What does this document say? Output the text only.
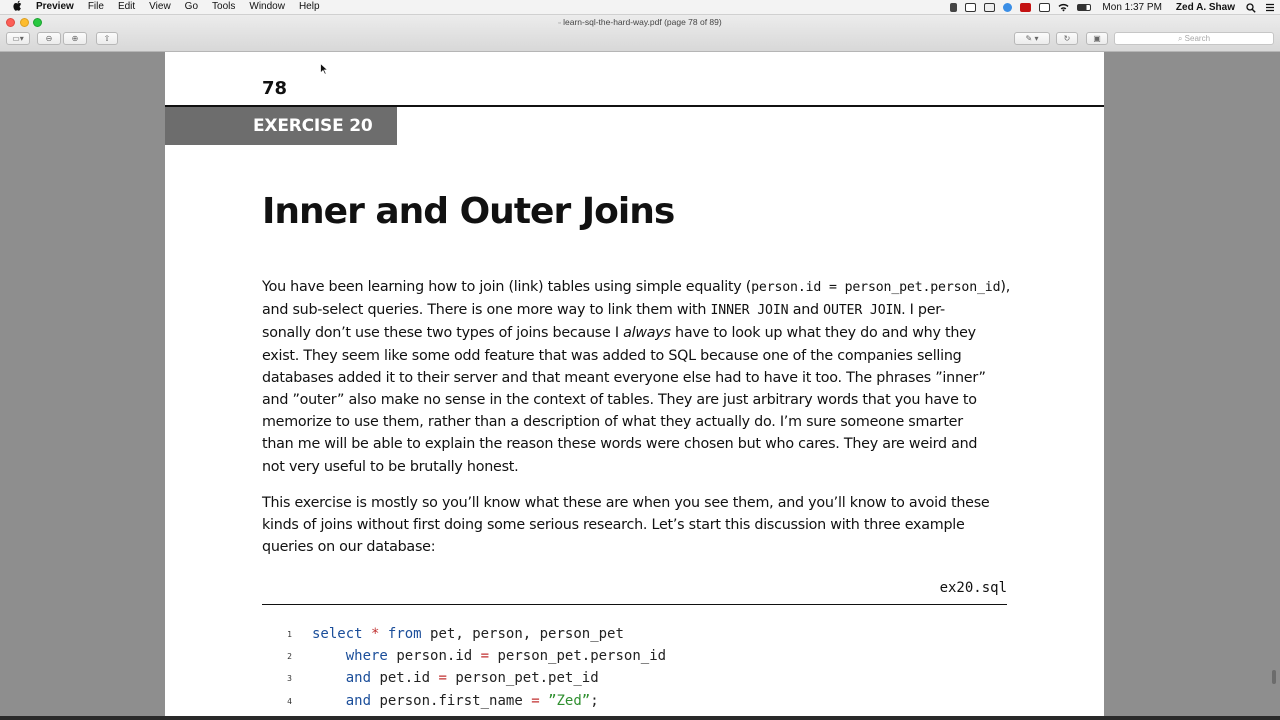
Preview	File	Edit	View	Go	Tools	Window	Help	Mon 1:37 PM	Zed A. Shaw
▫ learn-sql-the-hard-way.pdf (page 78 of 89)
▭▾	⊖	⊕	⇧	✎ ▾	↻	▣	⌕ Search
78
EXERCISE 20
Inner and Outer Joins
You have been learning how to join (link) tables using simple equality (person.id = person_pet.person_id),
and sub-select queries. There is one more way to link them with INNER JOIN and OUTER JOIN. I per-
sonally don’t use these two types of joins because I always have to look up what they do and why they
exist. They seem like some odd feature that was added to SQL because one of the companies selling
databases added it to their server and that meant everyone else had to have it too. The phrases ”inner”
and ”outer” also make no sense in the context of tables. They are just arbitrary words that you have to
memorize to use them, rather than a description of what they actually do. I’m sure someone smarter
than me will be able to explain the reason these words were chosen but who cares. They are weird and
not very useful to be brutally honest.
This exercise is mostly so you’ll know what these are when you see them, and you’ll know to avoid these
kinds of joins without first doing some serious research. Let’s start this discussion with three example
queries on our database:
ex20.sql
1 select * from pet, person, person_pet
2	where person.id = person_pet.person_id
3	and pet.id = person_pet.pet_id
4	and person.first_name = ”Zed”;
